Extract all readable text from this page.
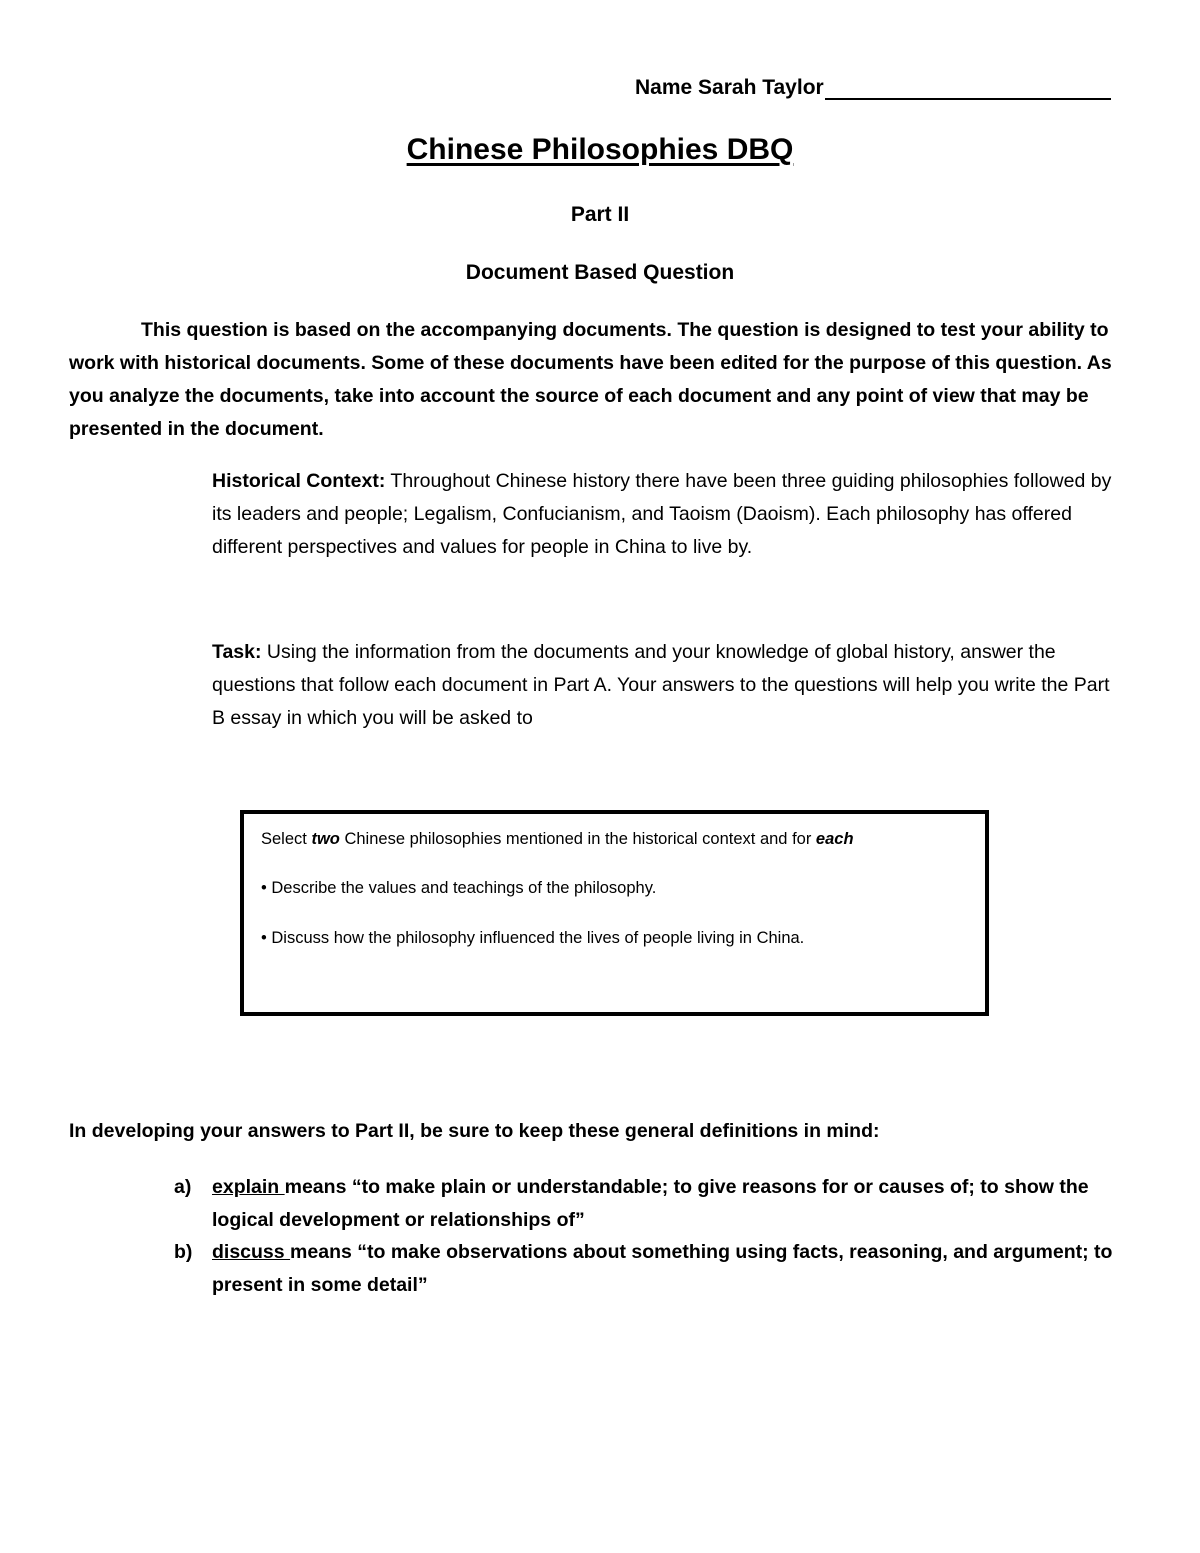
Name Sarah Taylor
Chinese Philosophies DBQ
Part II
Document Based Question

This question is based on the accompanying documents. The question is designed to test your ability to work with historical documents. Some of these documents have been edited for the purpose of this question. As you analyze the documents, take into account the source of each document and any point of view that may be presented in the document.

Historical Context: Throughout Chinese history there have been three guiding philosophies followed by its leaders and people; Legalism, Confucianism, and Taoism (Daoism). Each philosophy has offered different perspectives and values for people in China to live by.

Task: Using the information from the documents and your knowledge of global history, answer the questions that follow each document in Part A. Your answers to the questions will help you write the Part B essay in which you will be asked to

Select two Chinese philosophies mentioned in the historical context and for each
• Describe the values and teachings of the philosophy.
• Discuss how the philosophy influenced the lives of people living in China.
In developing your answers to Part II, be sure to keep these general definitions in mind:
a) explain means “to make plain or understandable; to give reasons for or causes of; to show the logical development or relationships of”
b) discuss means “to make observations about something using facts, reasoning, and argument; to present in some detail”
